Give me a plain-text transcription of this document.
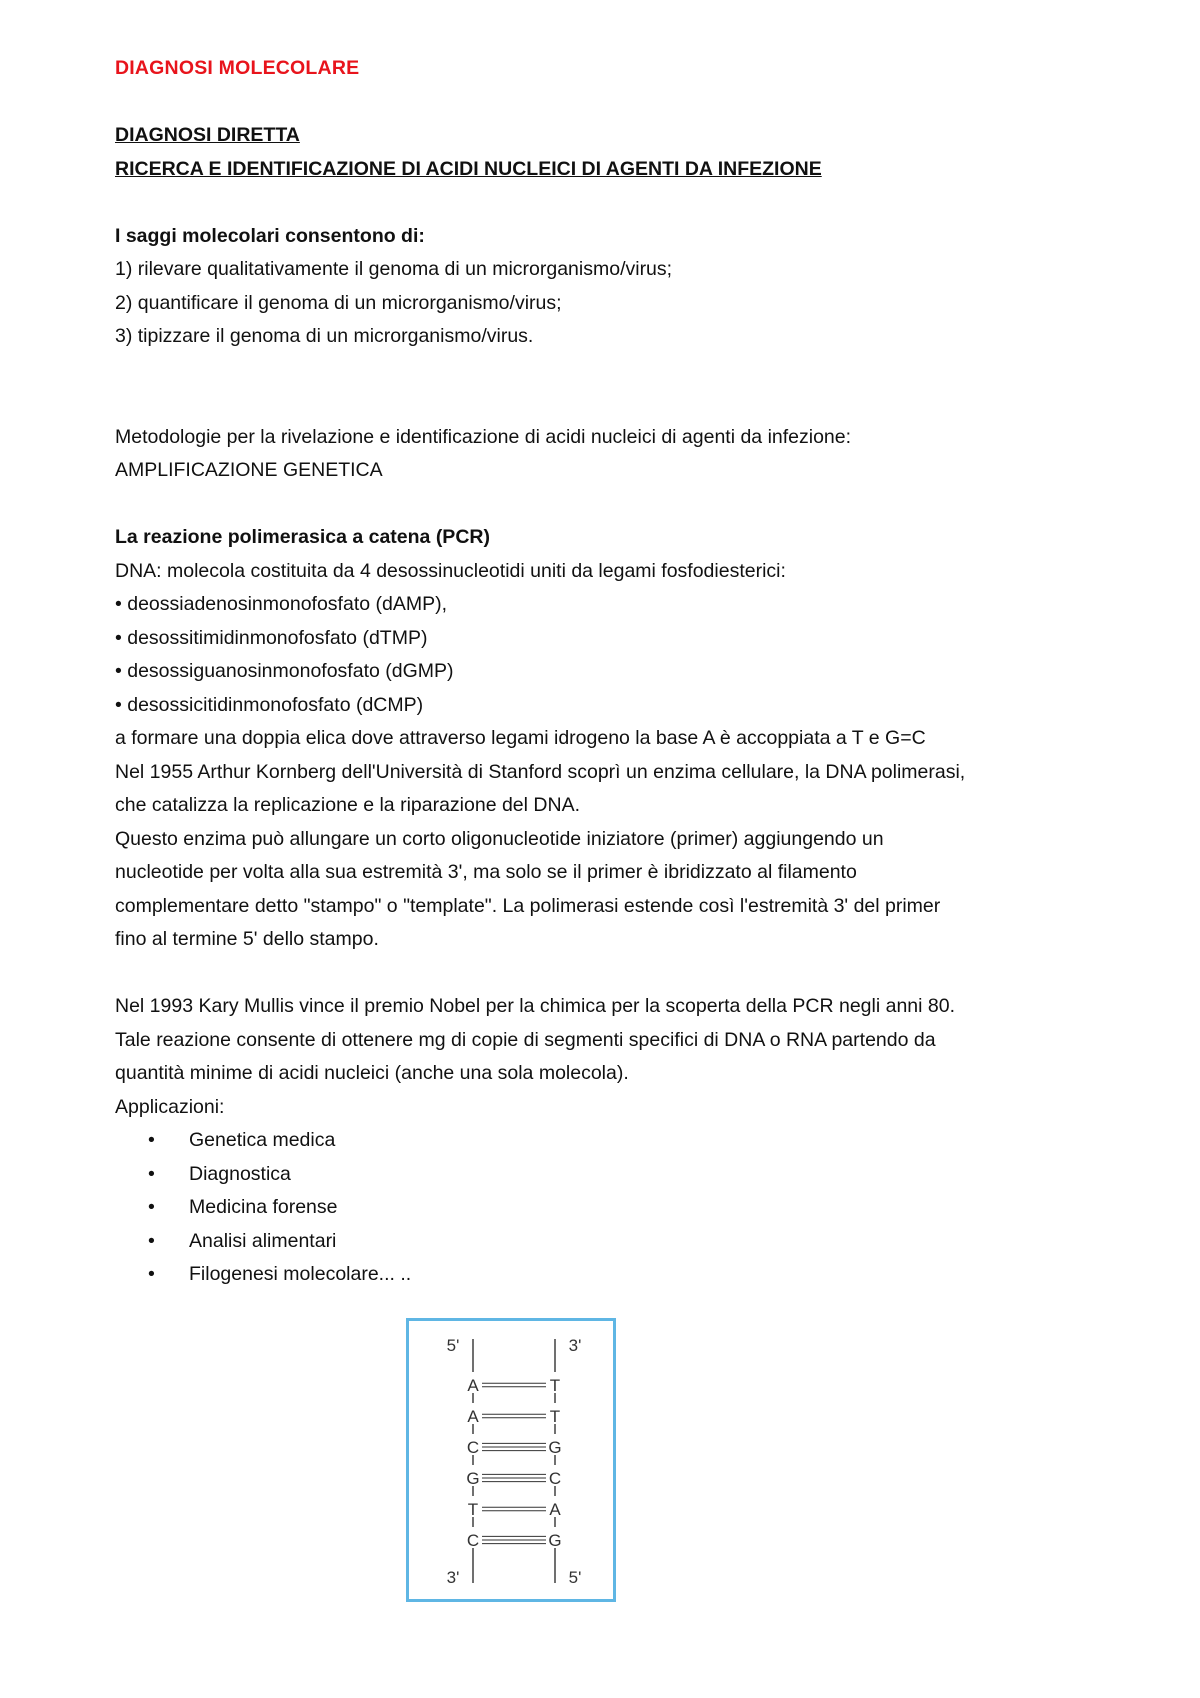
DIAGNOSI MOLECOLARE
DIAGNOSI DIRETTA
RICERCA E IDENTIFICAZIONE DI ACIDI NUCLEICI DI AGENTI DA INFEZIONE
I saggi molecolari consentono di:
1) rilevare qualitativamente il genoma di un microrganismo/virus;
2) quantificare il genoma di un microrganismo/virus;
3) tipizzare il genoma di un microrganismo/virus.
Metodologie per la rivelazione e identificazione di acidi nucleici di agenti da infezione:
AMPLIFICAZIONE GENETICA
La reazione polimerasica a catena (PCR)
DNA: molecola costituita da 4 desossinucleotidi uniti da legami fosfodiesterici:
• deossiadenosinmonofosfato (dAMP),
• desossitimidinmonofosfato (dTMP)
• desossiguanosinmonofosfato (dGMP)
• desossicitidinmonofosfato (dCMP)
a formare una doppia elica dove attraverso legami idrogeno la base A è accoppiata a T e G=C
Nel 1955 Arthur Kornberg dell'Università di Stanford scoprì un enzima cellulare, la DNA polimerasi,
che catalizza la replicazione e la riparazione del DNA.
Questo enzima può allungare un corto oligonucleotide iniziatore (primer) aggiungendo un
nucleotide per volta alla sua estremità 3', ma solo se il primer è ibridizzato al filamento
complementare detto "stampo" o "template". La polimerasi estende così l'estremità 3' del primer
fino al termine 5' dello stampo.
Nel 1993 Kary Mullis vince il premio Nobel per la chimica per la scoperta della PCR negli anni 80.
Tale reazione consente di ottenere mg di copie di segmenti specifici di DNA o RNA partendo da
quantità minime di acidi nucleici (anche una sola molecola).
Applicazioni:
• Genetica medica
• Diagnostica
• Medicina forense
• Analisi alimentari
• Filogenesi molecolare... ..
5'	3'
3'	5'
A	T
A	T
C	G
G	C
T	A
C	G
